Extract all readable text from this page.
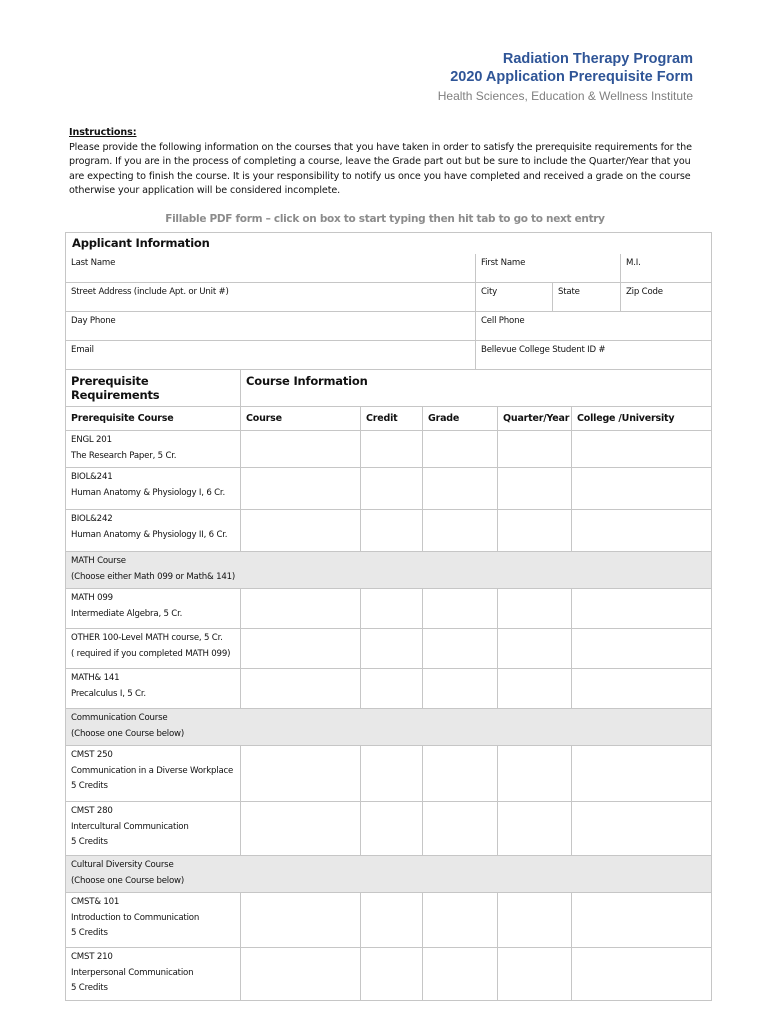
Radiation Therapy Program
2020 Application Prerequisite Form
Health Sciences, Education & Wellness Institute
Instructions:
Please provide the following information on the courses that you have taken in order to satisfy the prerequisite requirements for the
program. If you are in the process of completing a course, leave the Grade part out but be sure to include the Quarter/Year that you
are expecting to finish the course. It is your responsibility to notify us once you have completed and received a grade on the course
otherwise your application will be considered incomplete.
Fillable PDF form – click on box to start typing then hit tab to go to next entry
Applicant Information								
Last Name				First Name				M.I.
Street Address (include Apt. or Unit #)				City		State		Zip Code
Day Phone				Cell Phone				
Email				Bellevue College Student ID #				
Prerequisite Requirements	Course Information							
Prerequisite Course	Course	Credit	Grade		Quarter/Year		College /University	

ENGL 201
The Research Paper, 5 Cr.								

BIOL&241
Human Anatomy & Physiology I, 6 Cr.								

BIOL&242
Human Anatomy & Physiology II, 6 Cr.								

MATH Course
(Choose either Math 099 or Math& 141)								

MATH 099
Intermediate Algebra, 5 Cr.								

OTHER 100-Level MATH course, 5 Cr.
( required if you completed MATH 099)								

MATH& 141
Precalculus I, 5 Cr.								

Communication Course
(Choose one Course below)								

CMST 250
Communication in a Diverse Workplace
5 Credits								

CMST 280
Intercultural Communication
5 Credits								

Cultural Diversity Course
(Choose one Course below)								

CMST& 101
Introduction to Communication
5 Credits								

CMST 210
Interpersonal Communication
5 Credits								
